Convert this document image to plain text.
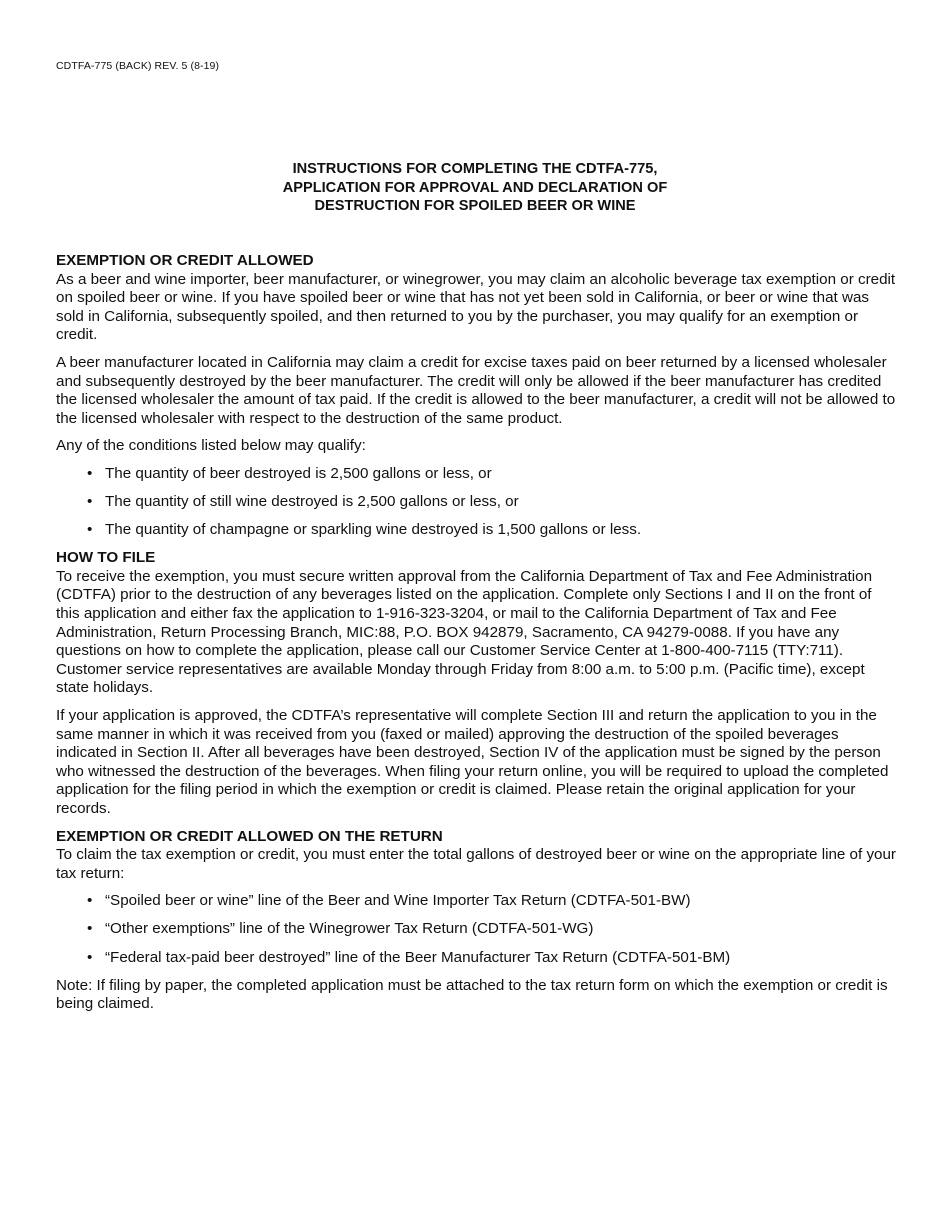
CDTFA-775 (BACK) REV. 5 (8-19)
INSTRUCTIONS FOR COMPLETING THE CDTFA-775,
APPLICATION FOR APPROVAL AND DECLARATION OF
DESTRUCTION FOR SPOILED BEER OR WINE
EXEMPTION OR CREDIT ALLOWED

As a beer and wine importer, beer manufacturer, or winegrower, you may claim an alcoholic beverage tax exemption or credit on spoiled beer or wine. If you have spoiled beer or wine that has not yet been sold in California, or beer or wine that was sold in California, subsequently spoiled, and then returned to you by the purchaser, you may qualify for an exemption or credit.

A beer manufacturer located in California may claim a credit for excise taxes paid on beer returned by a licensed wholesaler and subsequently destroyed by the beer manufacturer. The credit will only be allowed if the beer manufacturer has credited the licensed wholesaler the amount of tax paid. If the credit is allowed to the beer manufacturer, a credit will not be allowed to the licensed wholesaler with respect to the destruction of the same product.

Any of the conditions listed below may qualify:

• The quantity of beer destroyed is 2,500 gallons or less, or
• The quantity of still wine destroyed is 2,500 gallons or less, or
• The quantity of champagne or sparkling wine destroyed is 1,500 gallons or less.
HOW TO FILE

To receive the exemption, you must secure written approval from the California Department of Tax and Fee Administration (CDTFA) prior to the destruction of any beverages listed on the application. Complete only Sections I and II on the front of this application and either fax the application to 1-916-323-3204, or mail to the California Department of Tax and Fee Administration, Return Processing Branch, MIC:88, P.O. BOX 942879, Sacramento, CA 94279-0088. If you have any questions on how to complete the application, please call our Customer Service Center at 1-800-400-7115 (TTY:711). Customer service representatives are available Monday through Friday from 8:00 a.m. to 5:00 p.m. (Pacific time), except state holidays.

If your application is approved, the CDTFA’s representative will complete Section III and return the application to you in the same manner in which it was received from you (faxed or mailed) approving the destruction of the spoiled beverages indicated in Section II. After all beverages have been destroyed, Section IV of the application must be signed by the person who witnessed the destruction of the beverages. When filing your return online, you will be required to upload the completed application for the filing period in which the exemption or credit is claimed. Please retain the original application for your records.

EXEMPTION OR CREDIT ALLOWED ON THE RETURN

To claim the tax exemption or credit, you must enter the total gallons of destroyed beer or wine on the appropriate line of your tax return:

• “Spoiled beer or wine” line of the Beer and Wine Importer Tax Return (CDTFA-501-BW)
• “Other exemptions” line of the Winegrower Tax Return (CDTFA-501-WG)
• “Federal tax-paid beer destroyed” line of the Beer Manufacturer Tax Return (CDTFA-501-BM)

Note: If filing by paper, the completed application must be attached to the tax return form on which the exemption or credit is being claimed.
